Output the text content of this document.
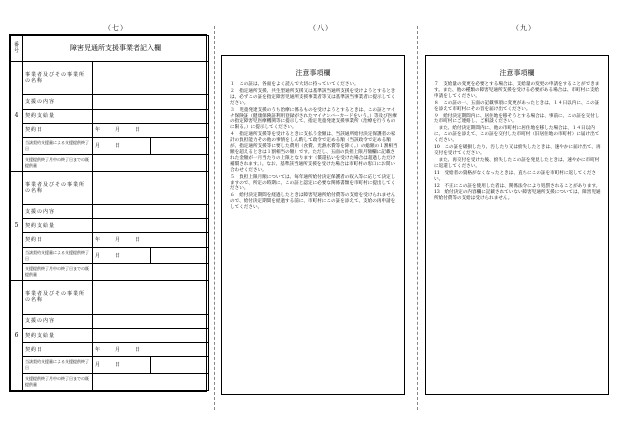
（七）	（八）	（九）
番号	障害児通所支援事業者記入欄		
4	事業者及びその事業所の名称		
	支援の内容		
	契約支給量		
	契約日	年 月 日	
	当該契約支援量による支援提供終了日	月 日	
	支援提供終了月中の終了日までの既提供量		
5	事業者及びその事業所の名称		
	支援の内容		
	契約支給量		
	契約日	年 月 日	
	当該契約支援量による支援提供終了日	月 日	
	支援提供終了月中の終了日までの既提供量		
6	事業者及びその事業所の名称		
	支援の内容		
	契約支給量		
	契約日	年 月 日	
	当該契約支援量による支援提供終了日	月 日	
	支援提供終了月中の終了日までの既提供量		
注意事項欄

１　この証は、各面をよく読んで大切に持っていてください。

２　指定通所支援、共生型通所支援又は基準該当通所支援を受けようとするときは、必ずこの証を指定障害児通所支援事業者等又は基準該当事業者に提示してください。

３　児童発達支援のうち治療に係るものを受けようとするときは、この証とマイナ保険証（健康保険証利用登録がされたマイナンバーカードをいう。）等及び医療の指定障害児医療機関等に提示して、指定児童発達支援事業所（治療を行うものに限る。）に提示してください。

４　指定通所支援等を受けるときに支払う金額は、当該通所給付決定保護者の家計の負担能力その他の事情をしん酌して政令で定める額（当該政令で定める額が、指定通所支援等に要した費用（食費、光熱水費等を除く。）の総額の１割相当額を超えるときは１割相当の額）です。ただし、五面の負担上限月額欄に記載された金額が一月当たりの上限となります（償還払いを受けた場合は超過しただけ補償されます。）。なお、基準該当通所支援を受けた場合は市町村の窓口にお問い合わせください。

５　負担上限月額については、毎年通所給付決定保護者の収入等に応じて決定しますので、所定の時期に、この証と認定に必要な関係書類を市町村に提出してください。

６　給付決定期間を経過したときは障害児通所給付費等の支給を受けられませんので、給付決定期間を経過する前に、市町村にこの証を添えて、支給の再申請をしてください。

注意事項欄

７　支給量の変更を必要とする場合は、支給量の変更の申請をすることができます。また、他の種類の障害児通所支援を受ける必要がある場合は、市町村に支給申請をしてください。

８　この証の一、五面の記載事項に変更があったときは、１４日以内に、この証を添えて市町村にその旨を届け出てください。

９　給付決定期間内に、居住地を移そうとする場合は、事前に、この証を交付した市町村にご連絡し、ご相談ください。

　また、給付決定期間内に、他の市町村に居住地を移した場合は、１４日以内に、この証を添えて、この証を交付した市町村（旧居住地の市町村）に届け出てください。

10　この証を破損したり、汚したり又は紛失したときは、速やかに届け出て、再交付を受けてください。

　また、再交付を受けた後、紛失したこの証を発見したときは、速やかに市町村に返還してください。

11　受給者の資格がなくなったときは、直ちにこの証を市町村に返してください。

12　不正にこの証を使用した者は、関係法令により処罰されることがあります。

13　給付決定の内容欄に記載されていない障害児通所支援については、障害児通所給付費等の支給は受けられません。
